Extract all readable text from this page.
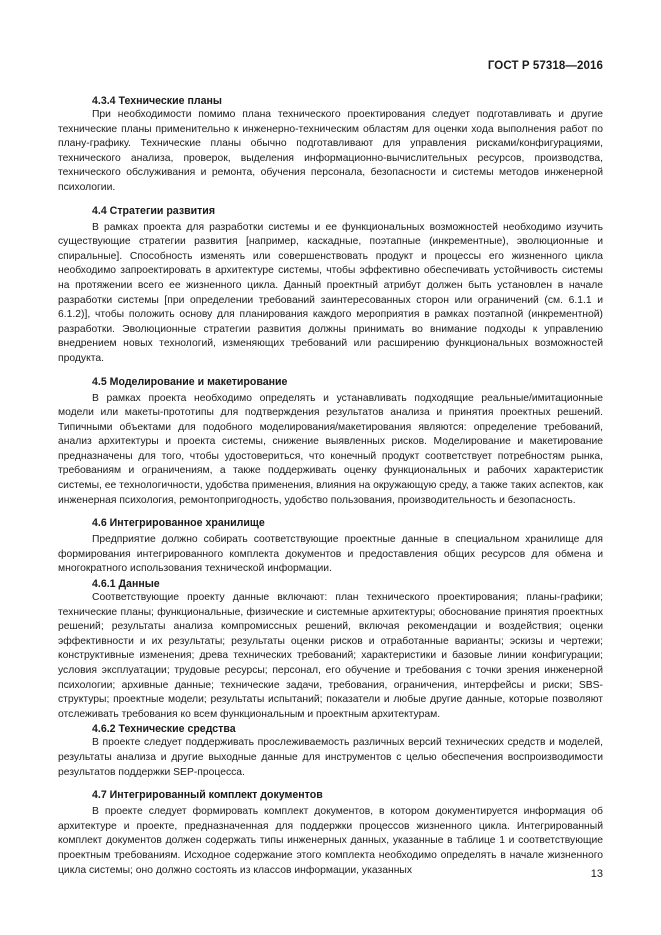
ГОСТ Р 57318—2016
4.3.4 Технические планы

При необходимости помимо плана технического проектирования следует подготавливать и другие технические планы применительно к инженерно-техническим областям для оценки хода выполнения работ по плану-графику. Технические планы обычно подготавливают для управления рисками/конфигурациями, технического анализа, проверок, выделения информационно-вычислительных ресурсов, производства, технического обслуживания и ремонта, обучения персонала, безопасности и системы методов инженерной психологии.

4.4 Стратегии развития

В рамках проекта для разработки системы и ее функциональных возможностей необходимо изучить существующие стратегии развития [например, каскадные, поэтапные (инкрементные), эволюционные и спиральные]. Способность изменять или совершенствовать продукт и процессы его жизненного цикла необходимо запроектировать в архитектуре системы, чтобы эффективно обеспечивать устойчивость системы на протяжении всего ее жизненного цикла. Данный проектный атрибут должен быть установлен в начале разработки системы [при определении требований заинтересованных сторон или ограничений (см. 6.1.1 и 6.1.2)], чтобы положить основу для планирования каждого мероприятия в рамках поэтапной (инкрементной) разработки. Эволюционные стратегии развития должны принимать во внимание подходы к управлению внедрением новых технологий, изменяющих требований или расширению функциональных возможностей продукта.

4.5 Моделирование и макетирование

В рамках проекта необходимо определять и устанавливать подходящие реальные/имитационные модели или макеты-прототипы для подтверждения результатов анализа и принятия проектных решений. Типичными объектами для подобного моделирования/макетирования являются: определение требований, анализ архитектуры и проекта системы, снижение выявленных рисков. Моделирование и макетирование предназначены для того, чтобы удостовериться, что конечный продукт соответствует потребностям рынка, требованиям и ограничениям, а также поддерживать оценку функциональных и рабочих характеристик системы, ее технологичности, удобства применения, влияния на окружающую среду, а также таких аспектов, как инженерная психология, ремонтопригодность, удобство пользования, производительность и безопасность.

4.6 Интегрированное хранилище

Предприятие должно собирать соответствующие проектные данные в специальном хранилище для формирования интегрированного комплекта документов и предоставления общих ресурсов для обмена и многократного использования технической информации.

4.6.1 Данные

Соответствующие проекту данные включают: план технического проектирования; планы-графики; технические планы; функциональные, физические и системные архитектуры; обоснование принятия проектных решений; результаты анализа компромиссных решений, включая рекомендации и воздействия; оценки эффективности и их результаты; результаты оценки рисков и отработанные варианты; эскизы и чертежи; конструктивные изменения; древа технических требований; характеристики и базовые линии конфигурации; условия эксплуатации; трудовые ресурсы; персонал, его обучение и требования с точки зрения инженерной психологии; архивные данные; технические задачи, требования, ограничения, интерфейсы и риски; SBS-структуры; проектные модели; результаты испытаний; показатели и любые другие данные, которые позволяют отслеживать требования ко всем функциональным и проектным архитектурам.

4.6.2 Технические средства

В проекте следует поддерживать прослеживаемость различных версий технических средств и моделей, результаты анализа и другие выходные данные для инструментов с целью обеспечения воспроизводимости результатов поддержки SEP-процесса.

4.7 Интегрированный комплект документов

В проекте следует формировать комплект документов, в котором документируется информация об архитектуре и проекте, предназначенная для поддержки процессов жизненного цикла. Интегрированный комплект документов должен содержать типы инженерных данных, указанные в таблице 1 и соответствующие проектным требованиям. Исходное содержание этого комплекта необходимо определять в начале жизненного цикла системы; оно должно состоять из классов информации, указанных	13
